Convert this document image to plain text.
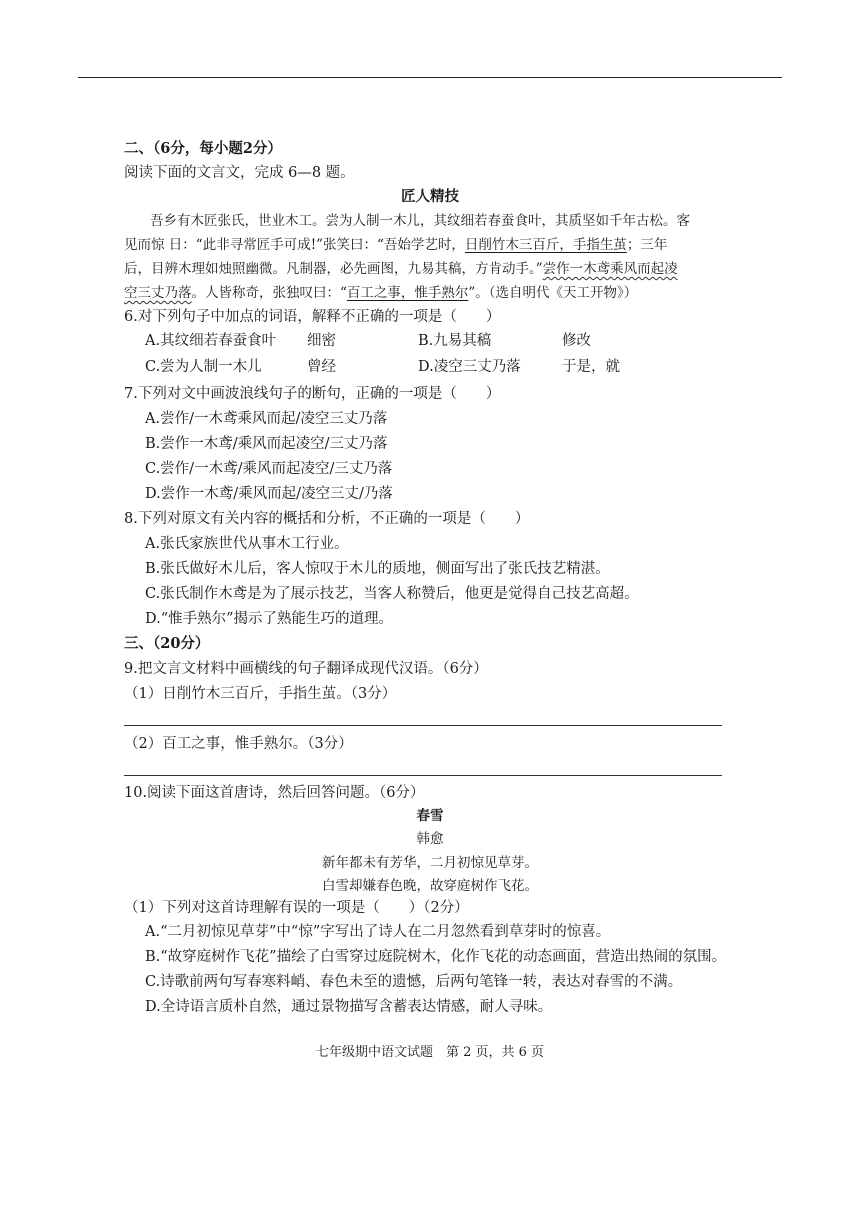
二、（6分，每小题2分）
阅读下面的文言文，完成 6—8 题。
匠人精技
吾乡有木匠张氏，世业木工。尝为人制一木儿，其纹细若春蚕食叶，其质坚如千年古松。客
见而惊 日：“此非寻常匠手可成!”张笑曰：“吾始学艺时，日削竹木三百斤，手指生茧；三年
后，目辨木理如烛照幽微。凡制器，必先画图，九易其稿，方肯动手。”尝作一木鸢乘风而起凌
空三丈乃落。人皆称奇，张独叹曰：“百工之事，惟手熟尔”。（选自明代《天工开物》）
6.对下列句子中加点的词语，解释不正确的一项是（　　）
A.其纹细若春蚕食叶 细密	B.九易其稿	修改
C.尝为人制一木儿	曾经	D.凌空三丈乃落	于是，就
7.下列对文中画波浪线句子的断句，正确的一项是（　　）
A.尝作/一木鸢乘风而起/凌空三丈乃落
B.尝作一木鸢/乘风而起凌空/三丈乃落
C.尝作/一木鸢/乘风而起凌空/三丈乃落
D.尝作一木鸢/乘风而起/凌空三丈/乃落
8.下列对原文有关内容的概括和分析，不正确的一项是（　　）
A.张氏家族世代从事木工行业。
B.张氏做好木儿后，客人惊叹于木儿的质地，侧面写出了张氏技艺精湛。
C.张氏制作木鸢是为了展示技艺，当客人称赞后，他更是觉得自己技艺高超。
D.“惟手熟尔”揭示了熟能生巧的道理。
三、（20分）
9.把文言文材料中画横线的句子翻译成现代汉语。（6分）
（1）日削竹木三百斤，手指生茧。（3分）
（2）百工之事，惟手熟尔。（3分）
10.阅读下面这首唐诗，然后回答问题。（6分）
春雪
韩愈
新年都未有芳华，二月初惊见草芽。
白雪却嫌春色晚，故穿庭树作飞花。
（1）下列对这首诗理解有误的一项是（　　）（2分）
A.“二月初惊见草芽”中“惊”字写出了诗人在二月忽然看到草芽时的惊喜。
B.“故穿庭树作飞花”描绘了白雪穿过庭院树木，化作飞花的动态画面，营造出热闹的氛围。
C.诗歌前两句写春寒料峭、春色未至的遗憾，后两句笔锋一转，表达对春雪的不满。
D.全诗语言质朴自然，通过景物描写含蓄表达情感，耐人寻味。
七年级期中语文试题　第 2 页，共 6 页
